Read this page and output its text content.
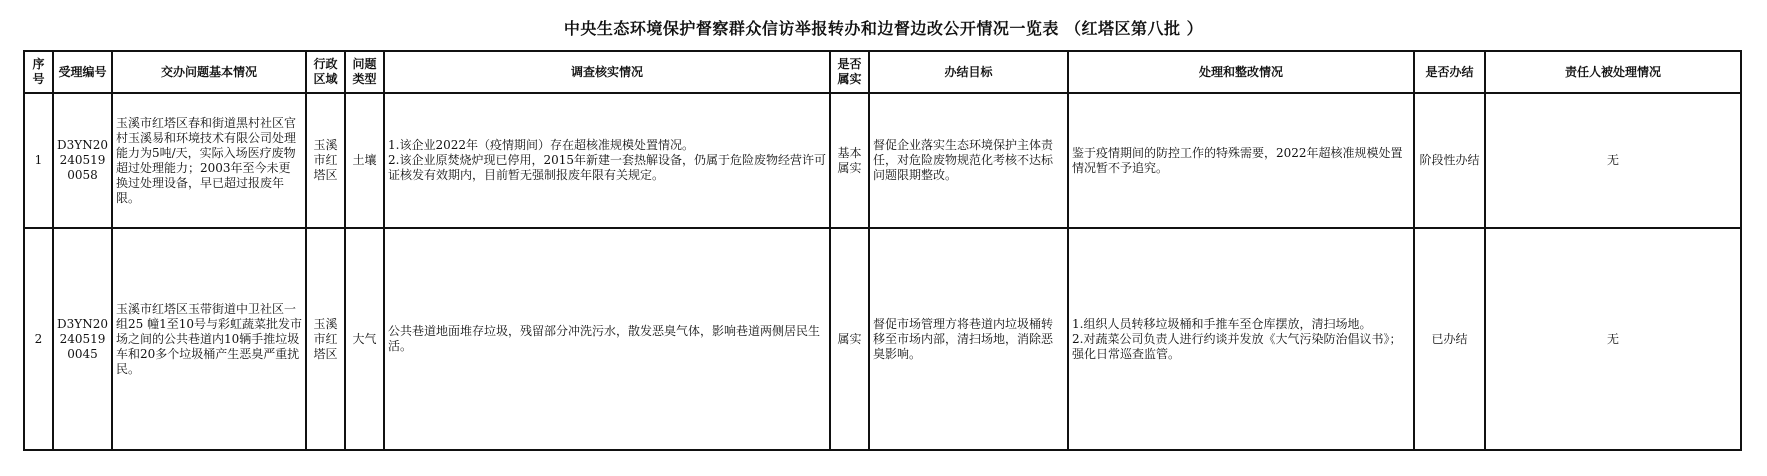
中央生态环境保护督察群众信访举报转办和边督边改公开情况一览表 （红塔区第八批 ）
序号	受理编号	交办问题基本情况	行政区域	问题类型	调查核实情况	是否属实	办结目标	处理和整改情况	是否办结	责任人被处理情况
1	D3YN202405190058	玉溪市红塔区春和街道黑村社区官村玉溪易和环境技术有限公司处理能力为5吨/天，实际入场医疗废物超过处理能力；2003年至今未更换过处理设备，早已超过报废年限。	玉溪市红塔区	土壤	1.该企业2022年（疫情期间）存在超核准规模处置情况。
2.该企业原焚烧炉现已停用，2015年新建一套热解设备，仍属于危险废物经营许可证核发有效期内，目前暂无强制报废年限有关规定。	基本属实	督促企业落实生态环境保护主体责任，对危险废物规范化考核不达标问题限期整改。	鉴于疫情期间的防控工作的特殊需要，2022年超核准规模处置情况暂不予追究。	阶段性办结	无
2	D3YN202405190045	玉溪市红塔区玉带街道中卫社区一组25 幢1至10号与彩虹蔬菜批发市场之间的公共巷道内10辆手推垃圾车和20多个垃圾桶产生恶臭严重扰民。	玉溪市红塔区	大气	公共巷道地面堆存垃圾，残留部分冲洗污水，散发恶臭气体，影响巷道两侧居民生活。	属实	督促市场管理方将巷道内垃圾桶转移至市场内部，清扫场地，消除恶臭影响。	1.组织人员转移垃圾桶和手推车至仓库摆放，清扫场地。
2.对蔬菜公司负责人进行约谈并发放《大气污染防治倡议书》；强化日常巡查监管。	已办结	无
